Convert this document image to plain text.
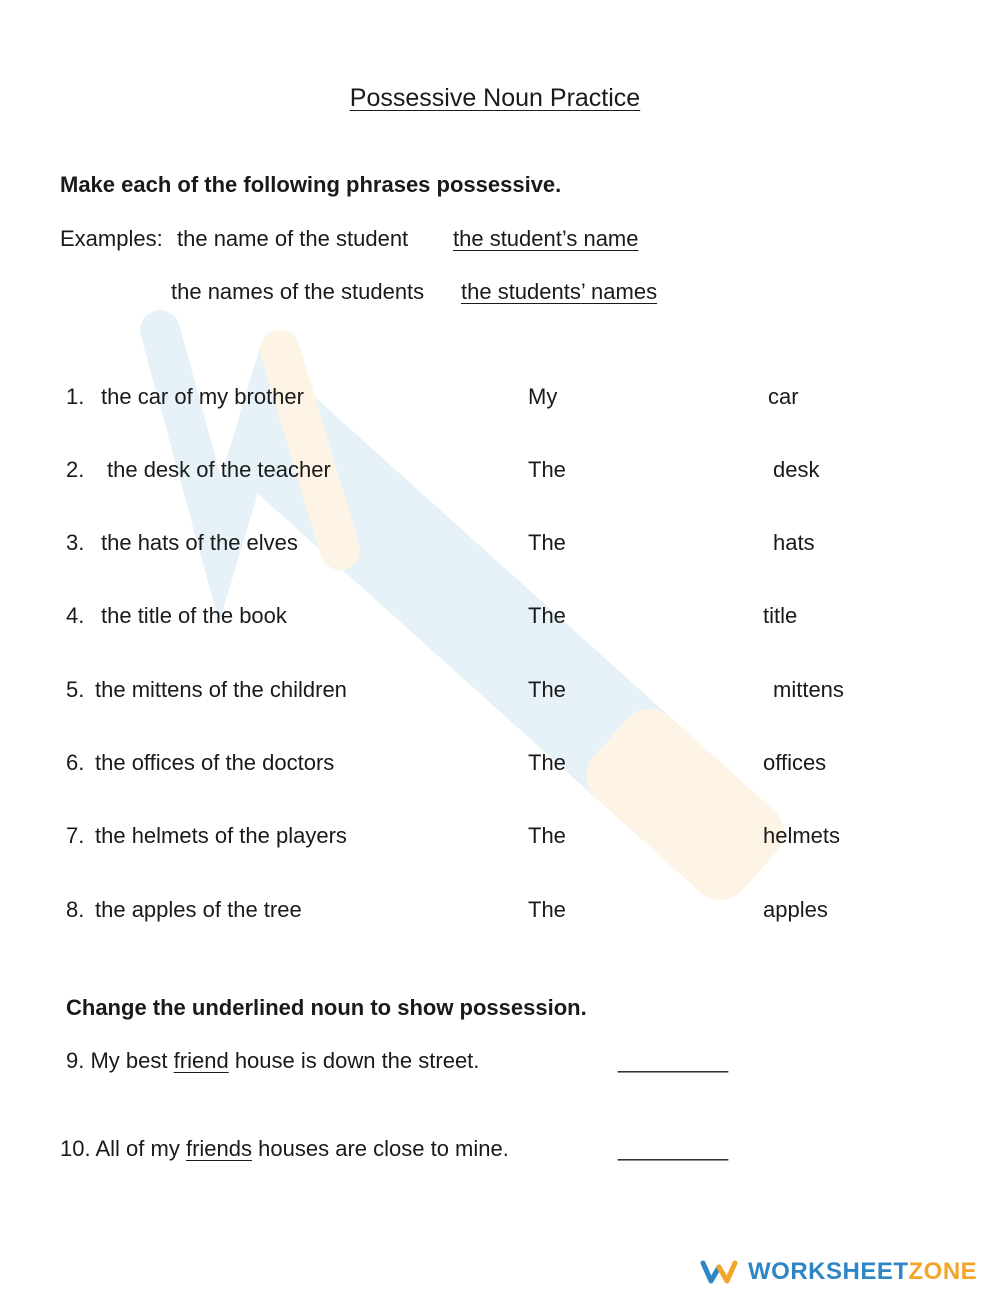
Possessive Noun Practice
Make each of the following phrases possessive.
Examples: the name of the student the student’s name
the names of the students the students’ names
1. the car of my brother	My	car
2. the desk of the teacher	The	desk
3. the hats of the elves	The	hats
4. the title of the book	The	title
5. the mittens of the children	The	mittens
6. the offices of the doctors	The	offices
7. the helmets of the players	The	helmets
8. the apples of the tree	The	apples
Change the underlined noun to show possession.
9. My best friend house is down the street.	_________
10. All of my friends houses are close to mine.	_________
WORKSHEETZONE
